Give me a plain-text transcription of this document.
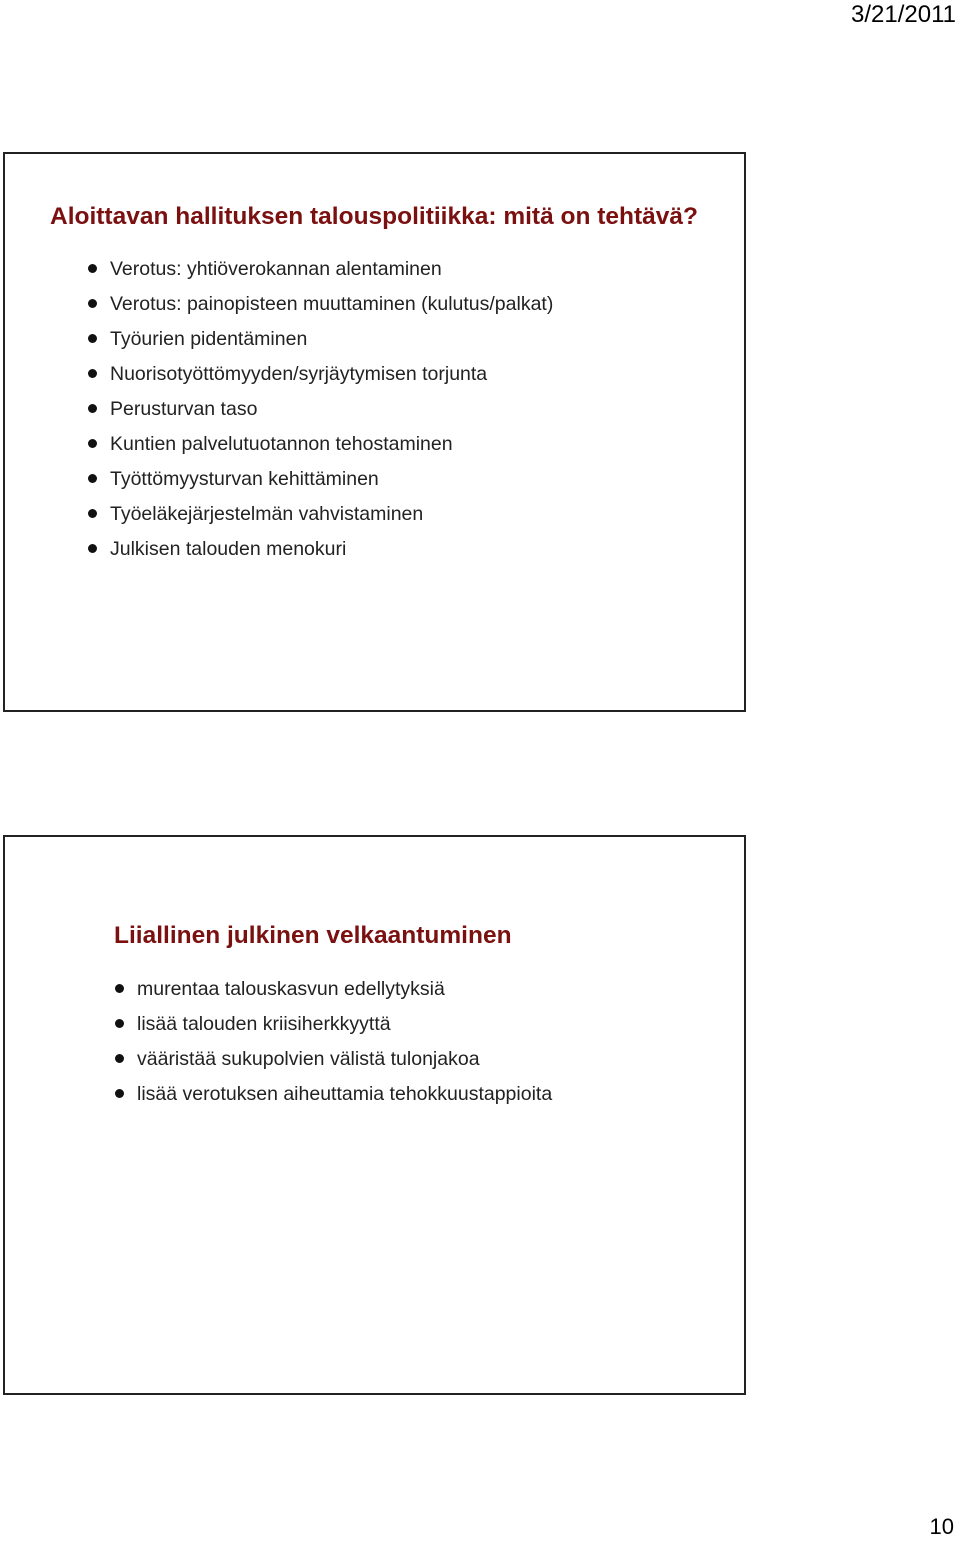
3/21/2011
Aloittavan hallituksen talouspolitiikka: mitä on tehtävä?
Verotus: yhtiöverokannan alentaminen
Verotus: painopisteen muuttaminen (kulutus/palkat)
Työurien pidentäminen
Nuorisotyöttömyyden/syrjäytymisen torjunta
Perusturvan taso
Kuntien palvelutuotannon tehostaminen
Työttömyysturvan kehittäminen
Työeläkejärjestelmän vahvistaminen
Julkisen talouden menokuri
Liiallinen julkinen velkaantuminen
murentaa talouskasvun edellytyksiä
lisää talouden kriisiherkkyyttä
vääristää sukupolvien välistä tulonjakoa
lisää verotuksen aiheuttamia tehokkuustappioita
10
